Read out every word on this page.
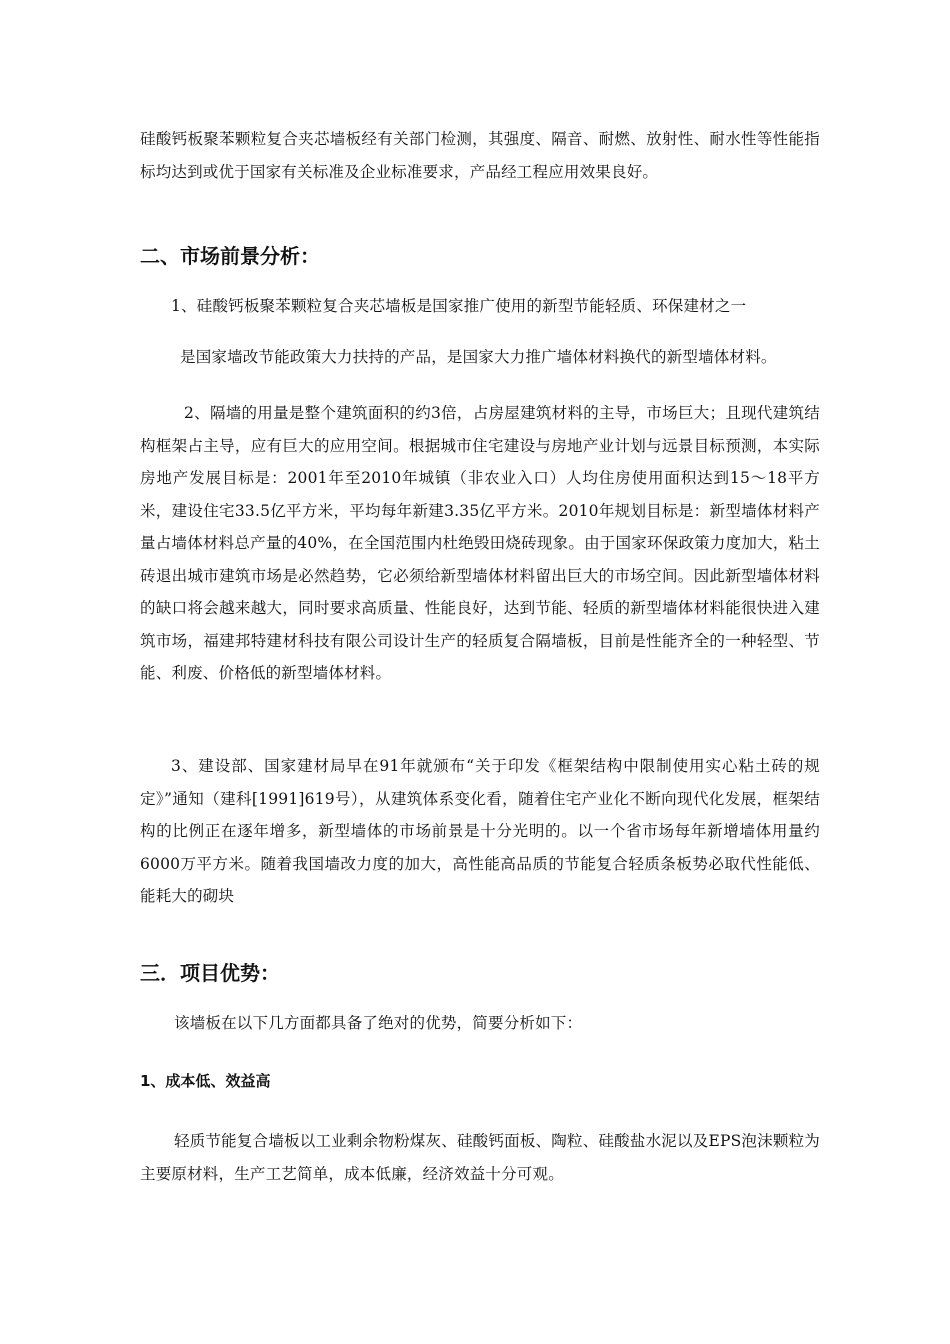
硅酸钙板聚苯颗粒复合夹芯墙板经有关部门检测，其强度、隔音、耐燃、放射性、耐水性等性能指标均达到或优于国家有关标准及企业标准要求，产品经工程应用效果良好。

二、市场前景分析：

1、硅酸钙板聚苯颗粒复合夹芯墙板是国家推广使用的新型节能轻质、环保建材之一

是国家墙改节能政策大力扶持的产品，是国家大力推广墙体材料换代的新型墙体材料。

2、隔墙的用量是整个建筑面积的约3倍，占房屋建筑材料的主导，市场巨大；且现代建筑结构框架占主导，应有巨大的应用空间。根据城市住宅建设与房地产业计划与远景目标预测，本实际房地产发展目标是：2001年至2010年城镇（非农业入口）人均住房使用面积达到15～18平方米，建设住宅33.5亿平方米，平均每年新建3.35亿平方米。2010年规划目标是：新型墙体材料产量占墙体材料总产量的40%，在全国范围内杜绝毁田烧砖现象。由于国家环保政策力度加大，粘土砖退出城市建筑市场是必然趋势，它必须给新型墙体材料留出巨大的市场空间。因此新型墙体材料的缺口将会越来越大，同时要求高质量、性能良好，达到节能、轻质的新型墙体材料能很快进入建筑市场，福建邦特建材科技有限公司设计生产的轻质复合隔墙板，目前是性能齐全的一种轻型、节能、利废、价格低的新型墙体材料。

3、建设部、国家建材局早在91年就颁布“关于印发《框架结构中限制使用实心粘土砖的规定》”通知（建科[1991]619号），从建筑体系变化看，随着住宅产业化不断向现代化发展，框架结构的比例正在逐年增多，新型墙体的市场前景是十分光明的。以一个省市场每年新增墙体用量约6000万平方米。随着我国墙改力度的加大，高性能高品质的节能复合轻质条板势必取代性能低、能耗大的砌块

三．项目优势：

该墙板在以下几方面都具备了绝对的优势，简要分析如下：

1、成本低、效益高

轻质节能复合墙板以工业剩余物粉煤灰、硅酸钙面板、陶粒、硅酸盐水泥以及EPS泡沫颗粒为主要原材料，生产工艺简单，成本低廉，经济效益十分可观。
